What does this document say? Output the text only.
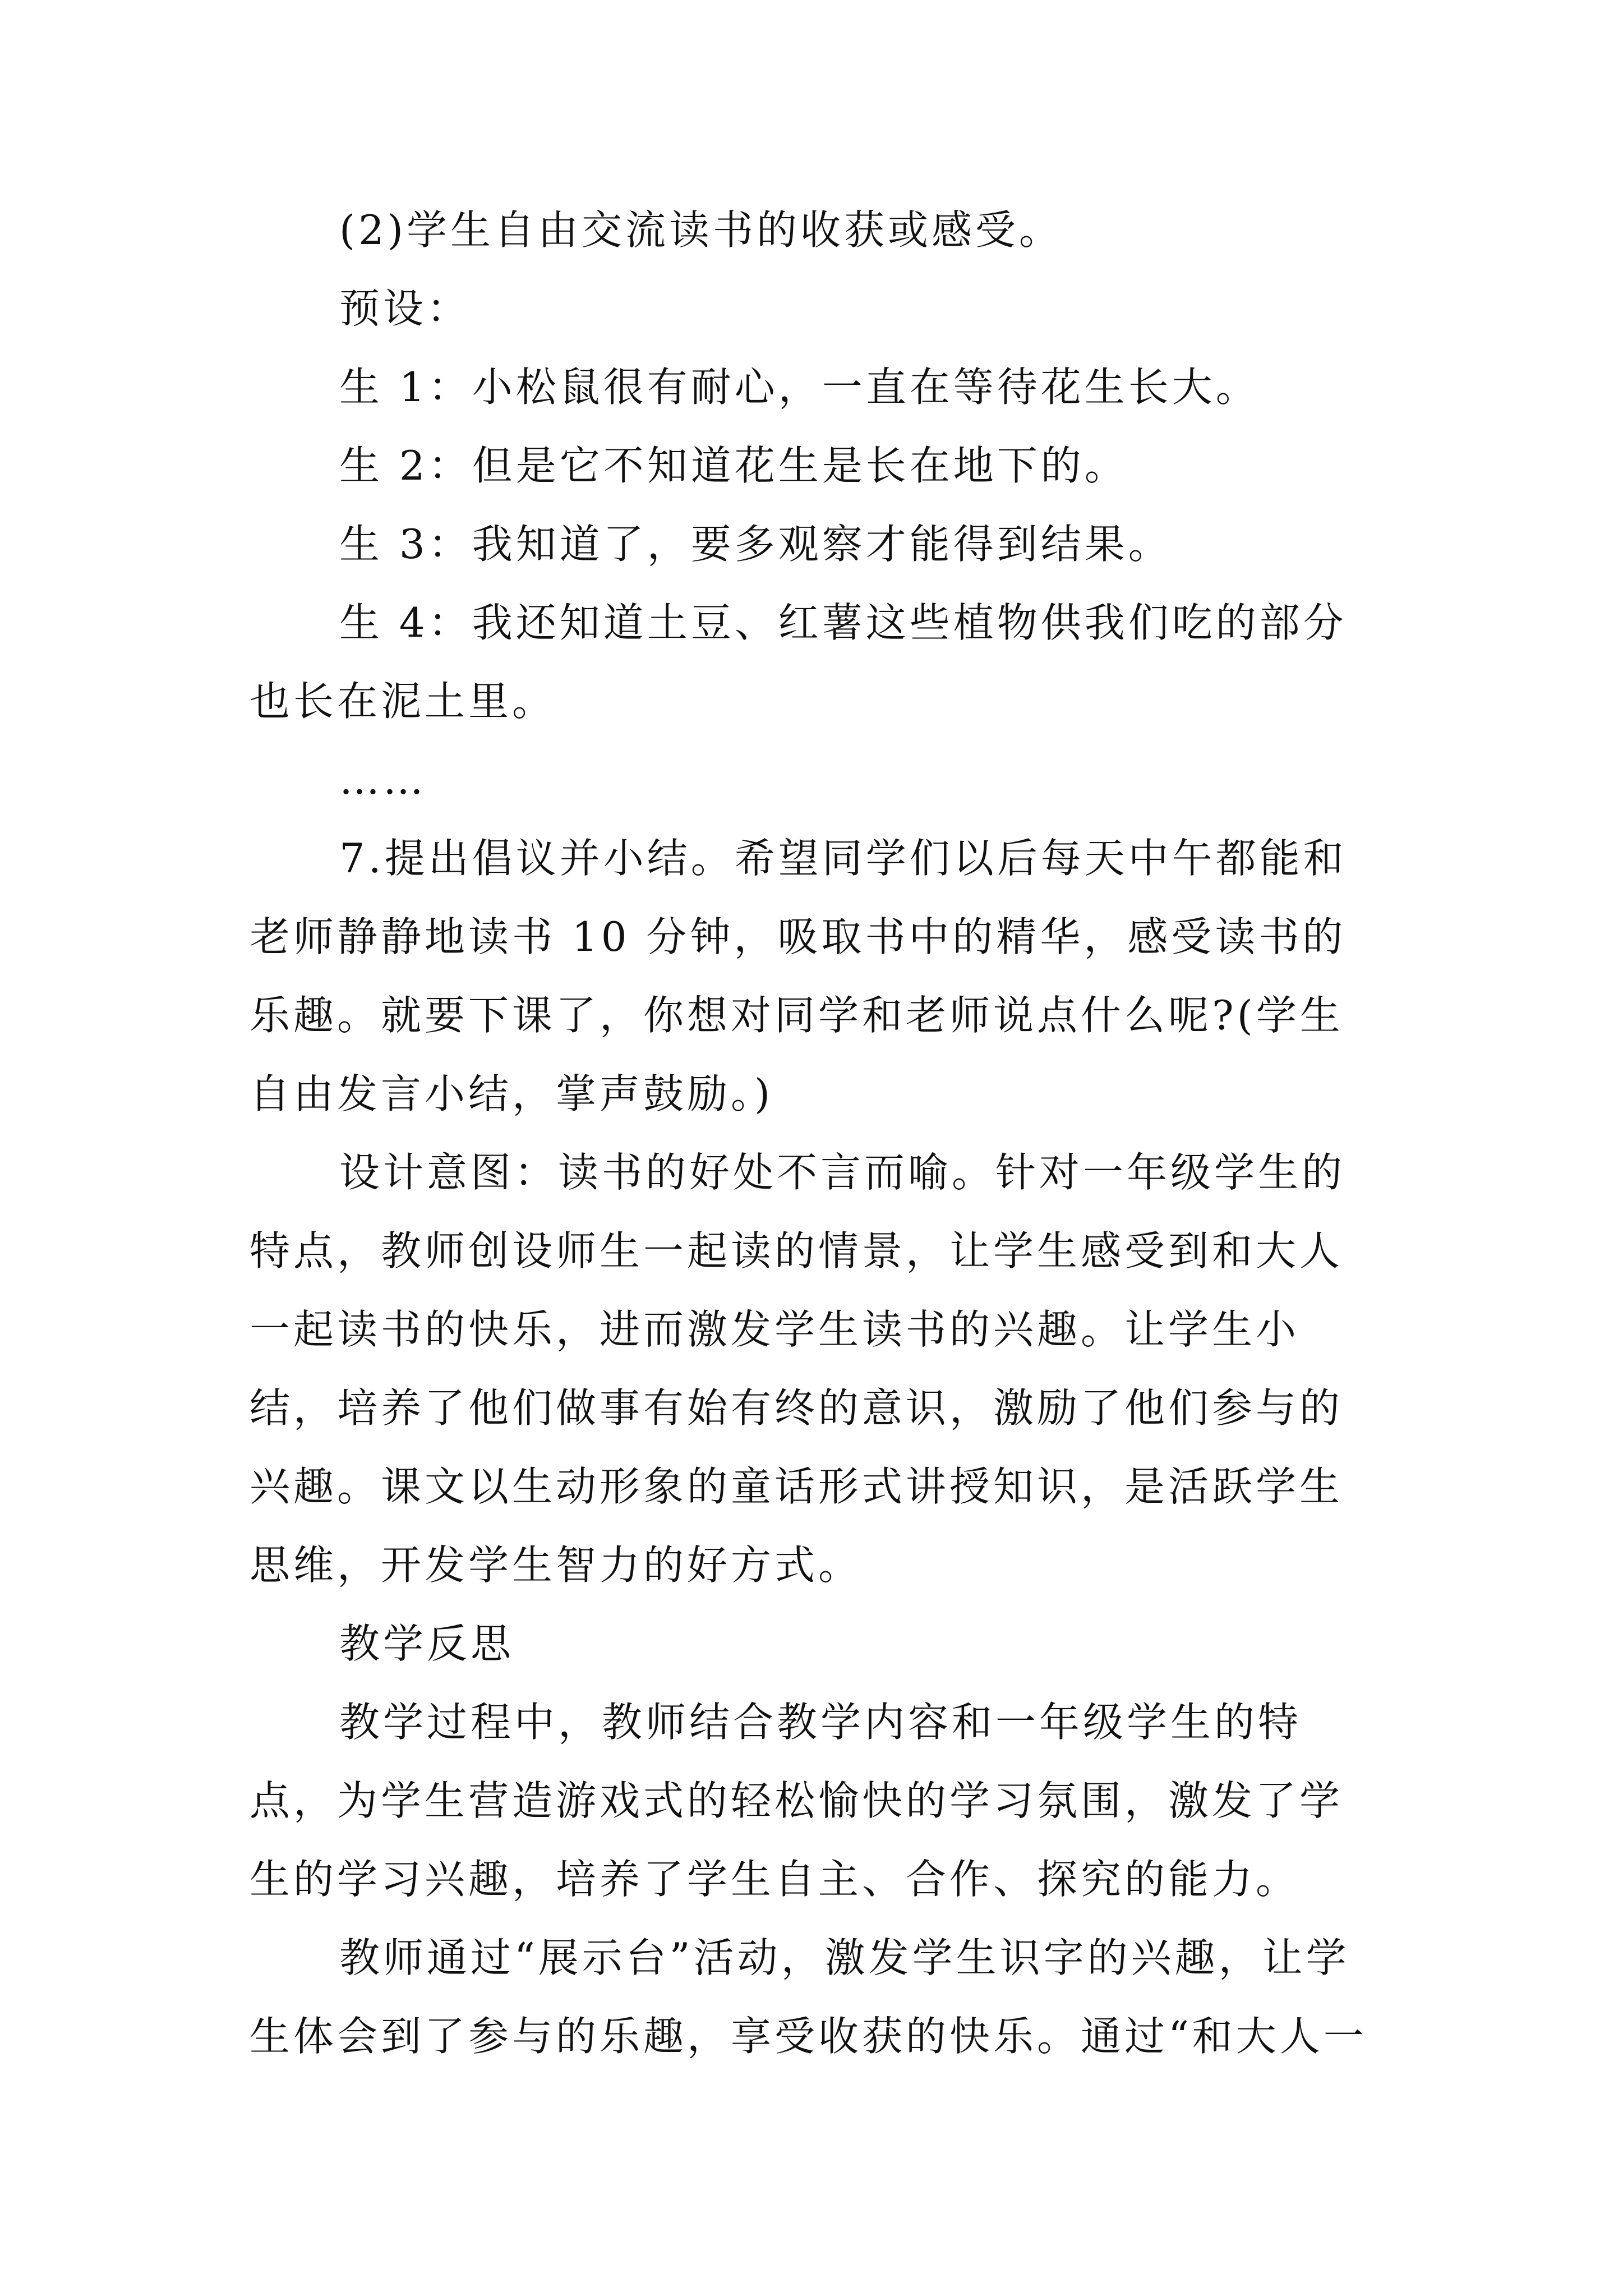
(2)学生自由交流读书的收获或感受。

预设：

生 1：小松鼠很有耐心，一直在等待花生长大。

生 2：但是它不知道花生是长在地下的。

生 3：我知道了，要多观察才能得到结果。

生 4：我还知道土豆、红薯这些植物供我们吃的部分也长在泥土里。

……

7.提出倡议并小结。希望同学们以后每天中午都能和老师静静地读书 10 分钟，吸取书中的精华，感受读书的乐趣。就要下课了，你想对同学和老师说点什么呢?(学生自由发言小结，掌声鼓励。)

设计意图：读书的好处不言而喻。针对一年级学生的特点，教师创设师生一起读的情景，让学生感受到和大人一起读书的快乐，进而激发学生读书的兴趣。让学生小结，培养了他们做事有始有终的意识，激励了他们参与的兴趣。课文以生动形象的童话形式讲授知识，是活跃学生思维，开发学生智力的好方式。

教学反思

教学过程中，教师结合教学内容和一年级学生的特点，为学生营造游戏式的轻松愉快的学习氛围，激发了学生的学习兴趣，培养了学生自主、合作、探究的能力。

教师通过“展示台”活动，激发学生识字的兴趣，让学生体会到了参与的乐趣，享受收获的快乐。通过“和大人一
